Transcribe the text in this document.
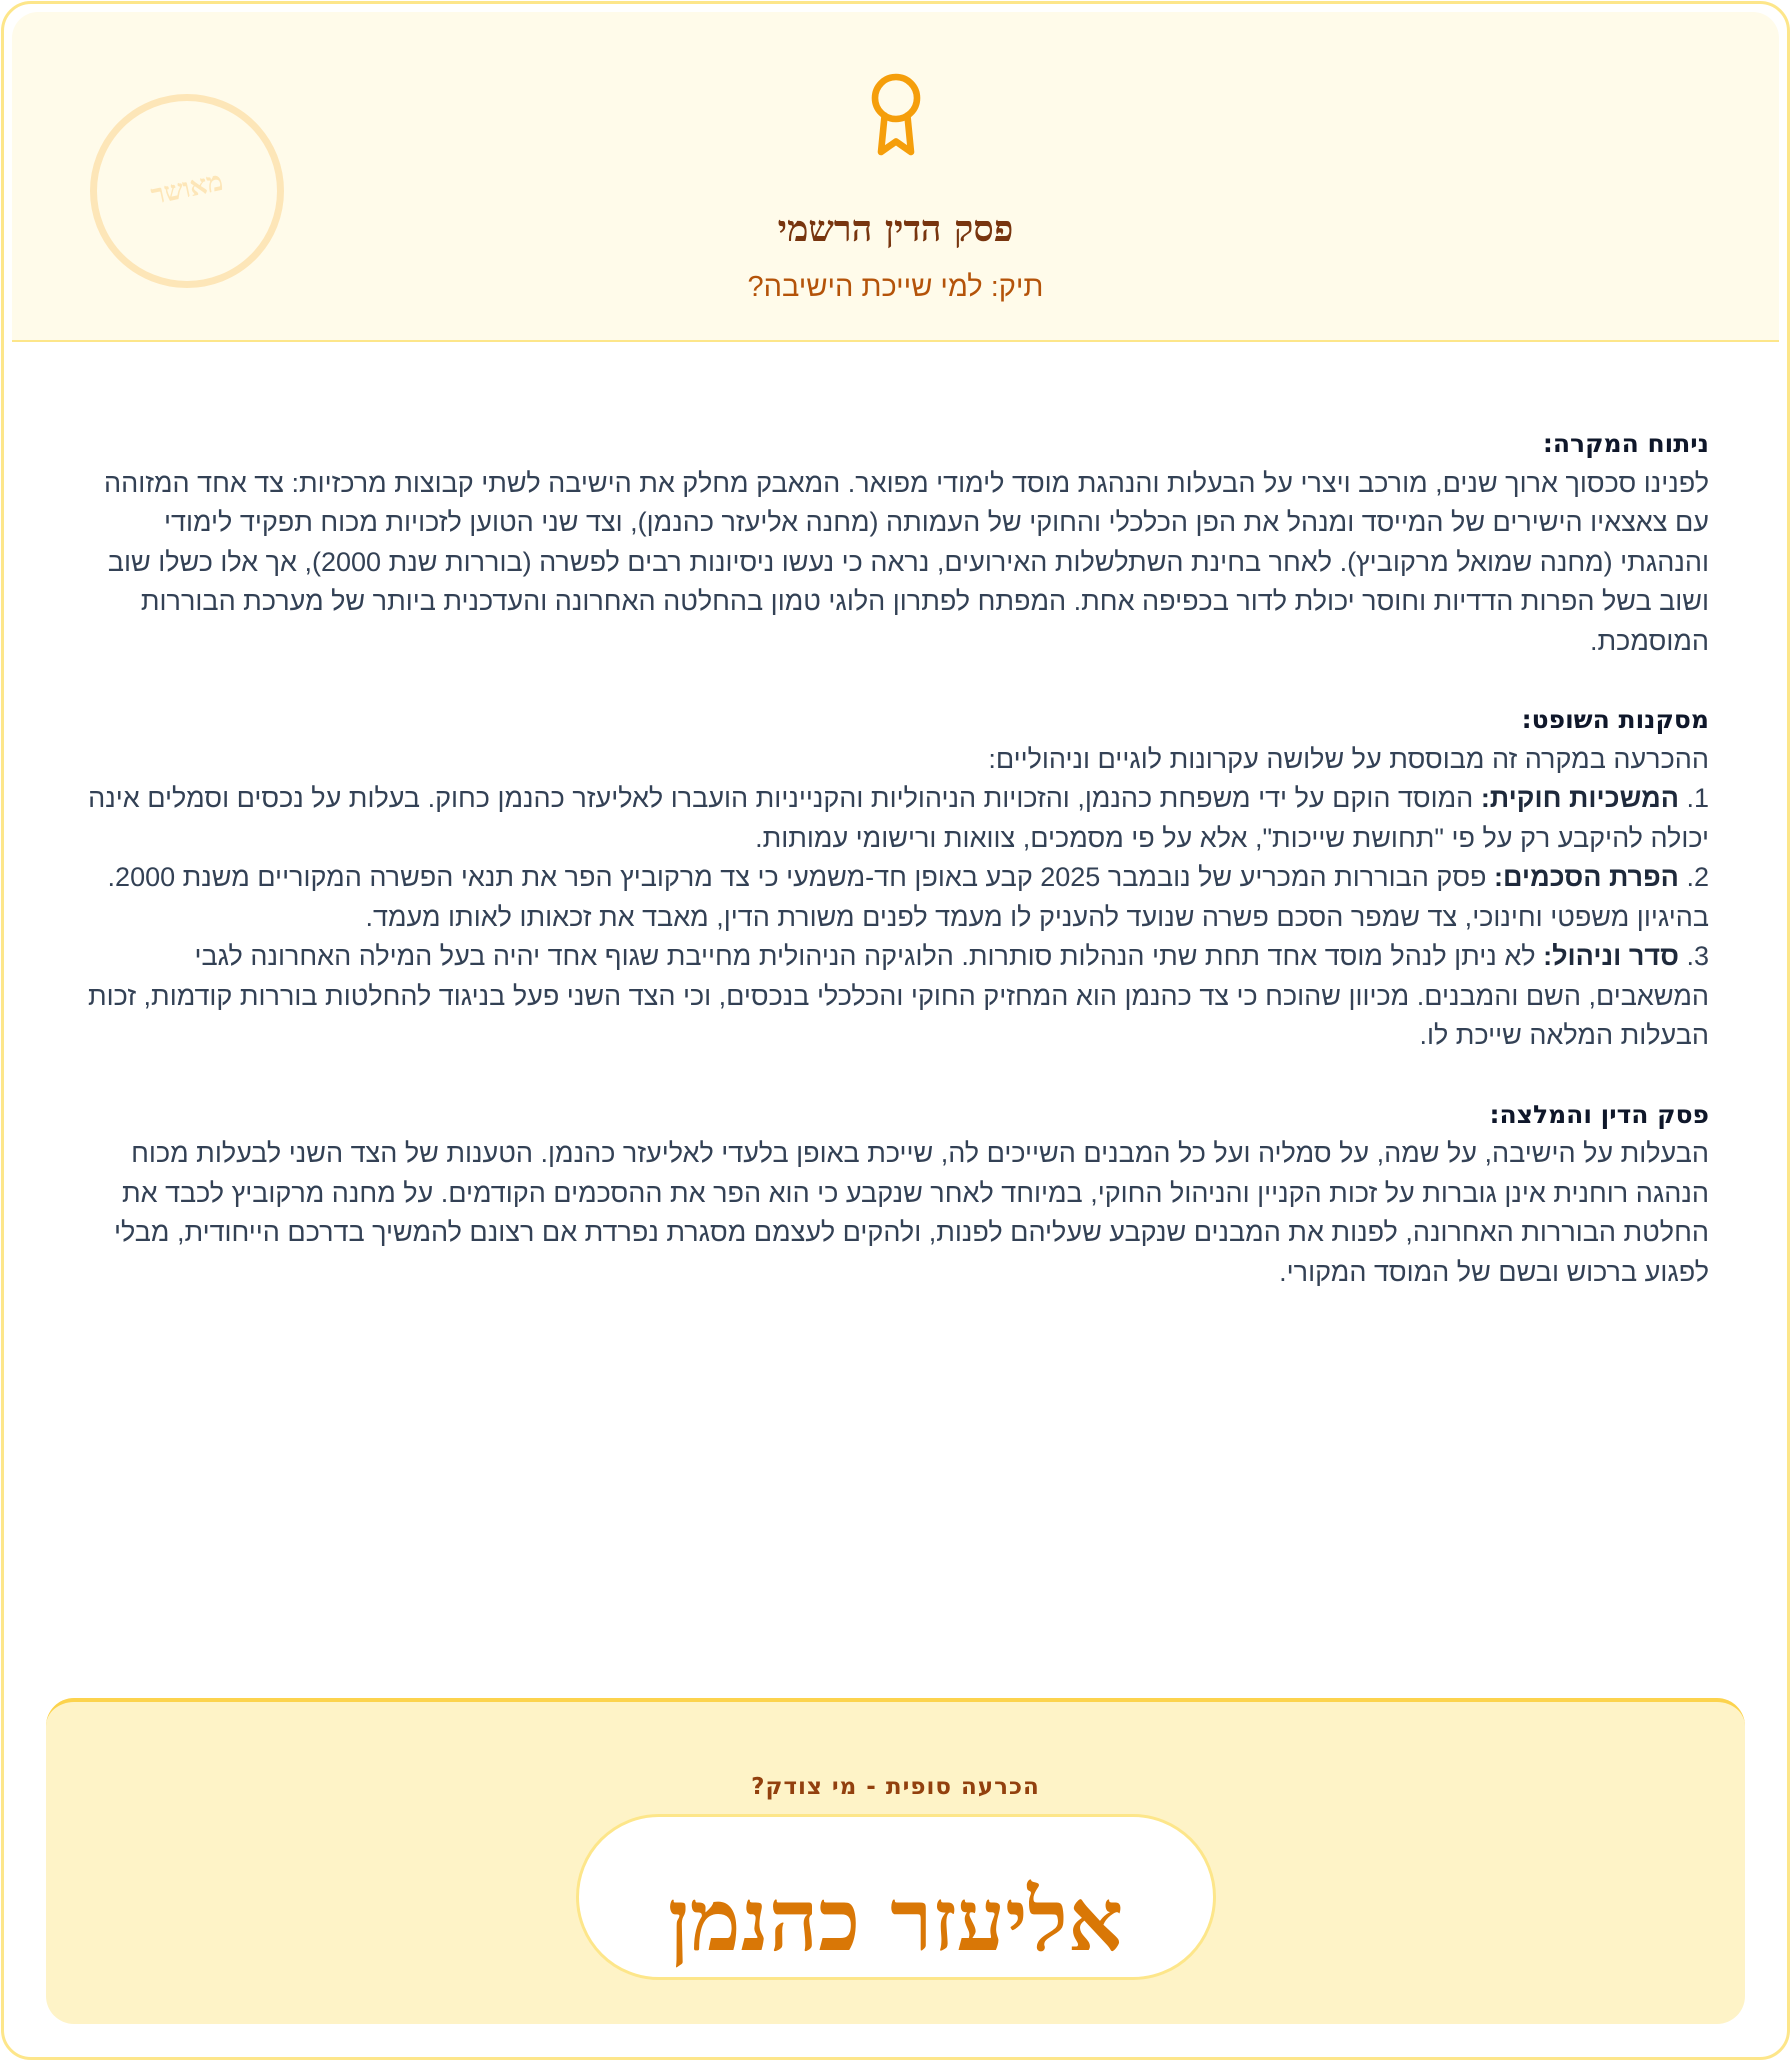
מאושר
פסק הדין הרשמי
תיק: למי שייכת הישיבה?
ניתוח המקרה:
לפנינו סכסוך ארוך שנים, מורכב ויצרי על הבעלות והנהגת מוסד לימודי מפואר. המאבק מחלק את הישיבה לשתי קבוצות מרכזיות: צד אחד המזוהה עם צאצאיו הישירים של המייסד ומנהל את הפן הכלכלי והחוקי של העמותה (מחנה אליעזר כהנמן), וצד שני הטוען לזכויות מכוח תפקיד לימודי והנהגתי (מחנה שמואל מרקוביץ). לאחר בחינת השתלשלות האירועים, נראה כי נעשו ניסיונות רבים לפשרה (בוררות שנת 2000), אך אלו כשלו שוב ושוב בשל הפרות הדדיות וחוסר יכולת לדור בכפיפה אחת. המפתח לפתרון הלוגי טמון בהחלטה האחרונה והעדכנית ביותר של מערכת הבוררות המוסמכת.
מסקנות השופט:
ההכרעה במקרה זה מבוססת על שלושה עקרונות לוגיים וניהוליים:
1. המשכיות חוקית: המוסד הוקם על ידי משפחת כהנמן, והזכויות הניהוליות והקנייניות הועברו לאליעזר כהנמן כחוק. בעלות על נכסים וסמלים אינה יכולה להיקבע רק על פי "תחושת שייכות", אלא על פי מסמכים, צוואות ורישומי עמותות.
2. הפרת הסכמים: פסק הבוררות המכריע של נובמבר 2025 קבע באופן חד-משמעי כי צד מרקוביץ הפר את תנאי הפשרה המקוריים משנת 2000. בהיגיון משפטי וחינוכי, צד שמפר הסכם פשרה שנועד להעניק לו מעמד לפנים משורת הדין, מאבד את זכאותו לאותו מעמד.
3. סדר וניהול: לא ניתן לנהל מוסד אחד תחת שתי הנהלות סותרות. הלוגיקה הניהולית מחייבת שגוף אחד יהיה בעל המילה האחרונה לגבי המשאבים, השם והמבנים. מכיוון שהוכח כי צד כהנמן הוא המחזיק החוקי והכלכלי בנכסים, וכי הצד השני פעל בניגוד להחלטות בוררות קודמות, זכות הבעלות המלאה שייכת לו.
פסק הדין והמלצה:
הבעלות על הישיבה, על שמה, על סמליה ועל כל המבנים השייכים לה, שייכת באופן בלעדי לאליעזר כהנמן. הטענות של הצד השני לבעלות מכוח הנהגה רוחנית אינן גוברות על זכות הקניין והניהול החוקי, במיוחד לאחר שנקבע כי הוא הפר את ההסכמים הקודמים. על מחנה מרקוביץ לכבד את החלטת הבוררות האחרונה, לפנות את המבנים שנקבע שעליהם לפנות, ולהקים לעצמם מסגרת נפרדת אם רצונם להמשיך בדרכם הייחודית, מבלי לפגוע ברכוש ובשם של המוסד המקורי.
הכרעה סופית - מי צודק?
אליעזר כהנמן
